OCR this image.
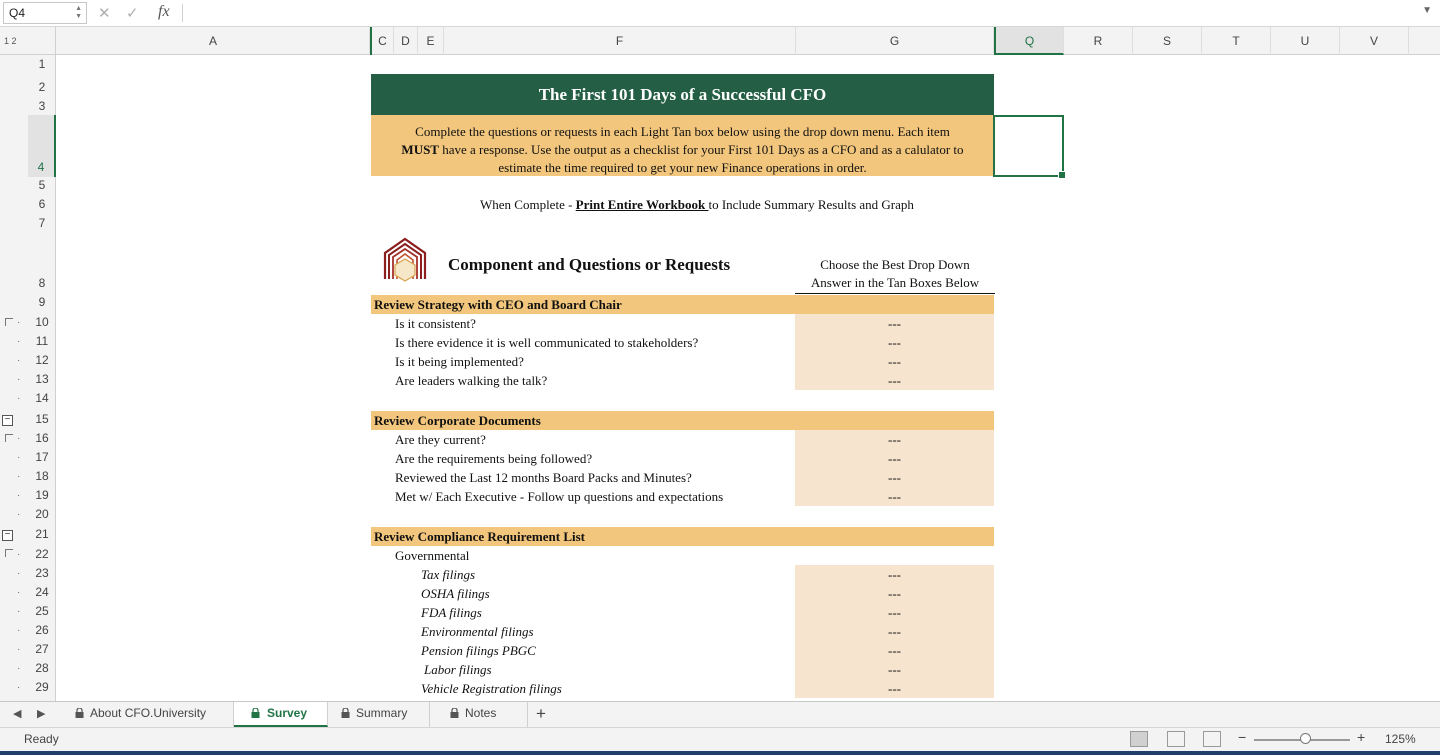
Q4	▲
▼ ✕ ✓ fx	▼
1 2	A	C	D	E	F	G	Q	R	S	T	U	V
1
2
3
4
5
6
7
8
9
10
11
12
13
14
15
16
17
18
19
20
21
22
23
24
25
26
27
28
29
·
·
·
·
·
−
·
·
·
·
·
−
·
·
·
·
·
·
·
·
The First 101 Days of a Successful CFO
Complete the questions or requests in each Light Tan box below using the drop down menu. Each item
MUST have a response. Use the output as a checklist for your First 101 Days as a CFO and as a calulator to
estimate the time required to get your new Finance operations in order.
When Complete - Print Entire Workbook to Include Summary Results and Graph
Component and Questions or Requests	Choose the Best Drop Down
Answer in the Tan Boxes Below
Review Strategy with CEO and Board Chair
Is it consistent?	---
Is there evidence it is well communicated to stakeholders?	---
Is it being implemented?	---
Are leaders walking the talk?	---
Review Corporate Documents
Are they current?	---
Are the requirements being followed?	---
Reviewed the Last 12 months Board Packs and Minutes?	---
Met w/ Each Executive - Follow up questions and expectations	---
Review Compliance Requirement List
Governmental
Tax filings	---
OSHA filings	---
FDA filings	---
Environmental filings	---
Pension filings PBGC	---
Labor filings	---
Vehicle Registration filings	---
◀ ▶	About CFO.University	Survey	Summary	Notes	+
Ready	−	+ 125%
